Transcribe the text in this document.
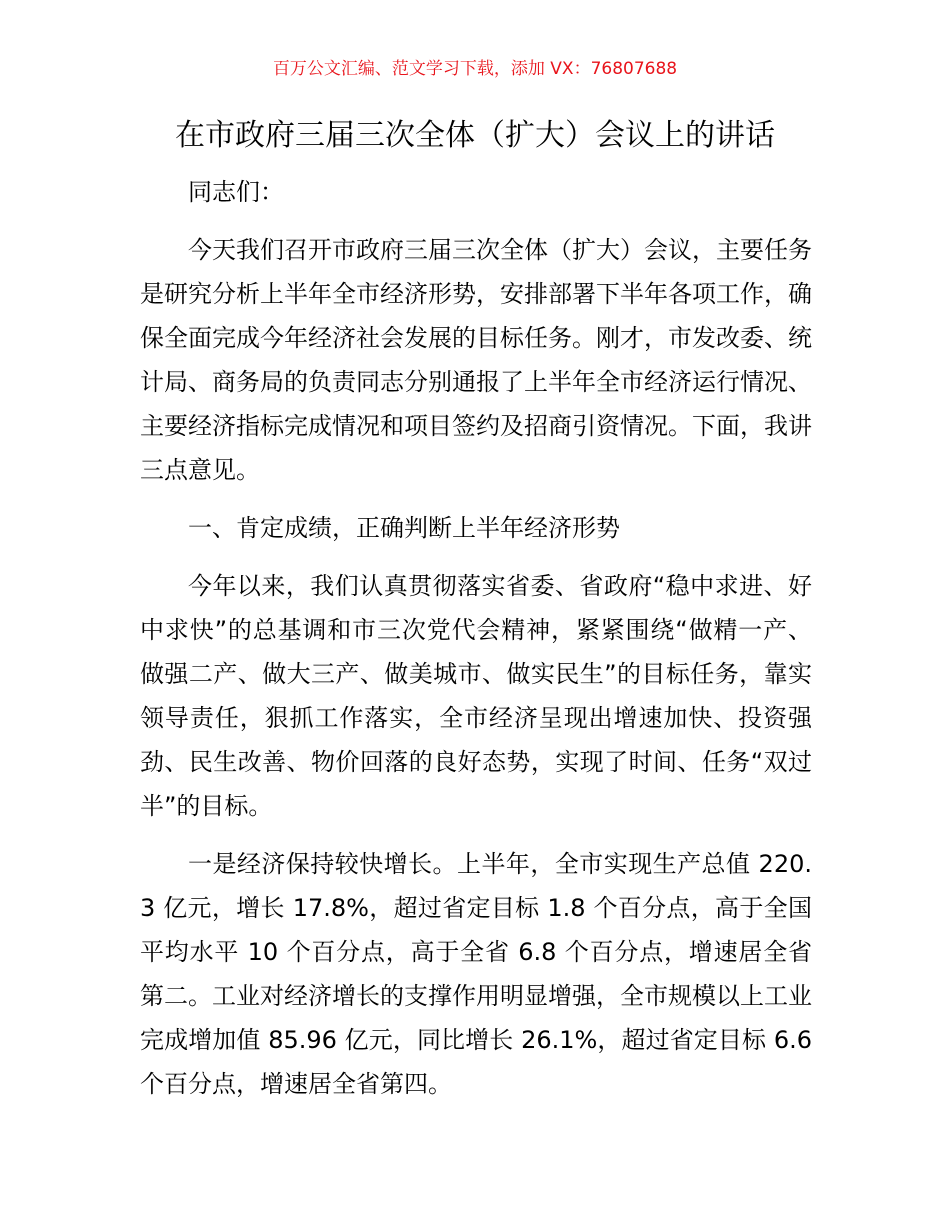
百万公文汇编、范文学习下载，添加 VX：76807688
在市政府三届三次全体（扩大）会议上的讲话

同志们：

今天我们召开市政府三届三次全体（扩大）会议，主要任务是研究分析上半年全市经济形势，安排部署下半年各项工作，确保全面完成今年经济社会发展的目标任务。刚才，市发改委、统计局、商务局的负责同志分别通报了上半年全市经济运行情况、主要经济指标完成情况和项目签约及招商引资情况。下面，我讲三点意见。

一、肯定成绩，正确判断上半年经济形势

今年以来，我们认真贯彻落实省委、省政府“稳中求进、好中求快”的总基调和市三次党代会精神，紧紧围绕“做精一产、做强二产、做大三产、做美城市、做实民生”的目标任务，靠实领导责任，狠抓工作落实，全市经济呈现出增速加快、投资强劲、民生改善、物价回落的良好态势，实现了时间、任务“双过半”的目标。

一是经济保持较快增长。上半年，全市实现生产总值 220.3 亿元，增长 17.8%，超过省定目标 1.8 个百分点，高于全国平均水平 10 个百分点，高于全省 6.8 个百分点，增速居全省第二。工业对经济增长的支撑作用明显增强，全市规模以上工业完成增加值 85.96 亿元，同比增长 26.1%，超过省定目标 6.6 个百分点，增速居全省第四。
